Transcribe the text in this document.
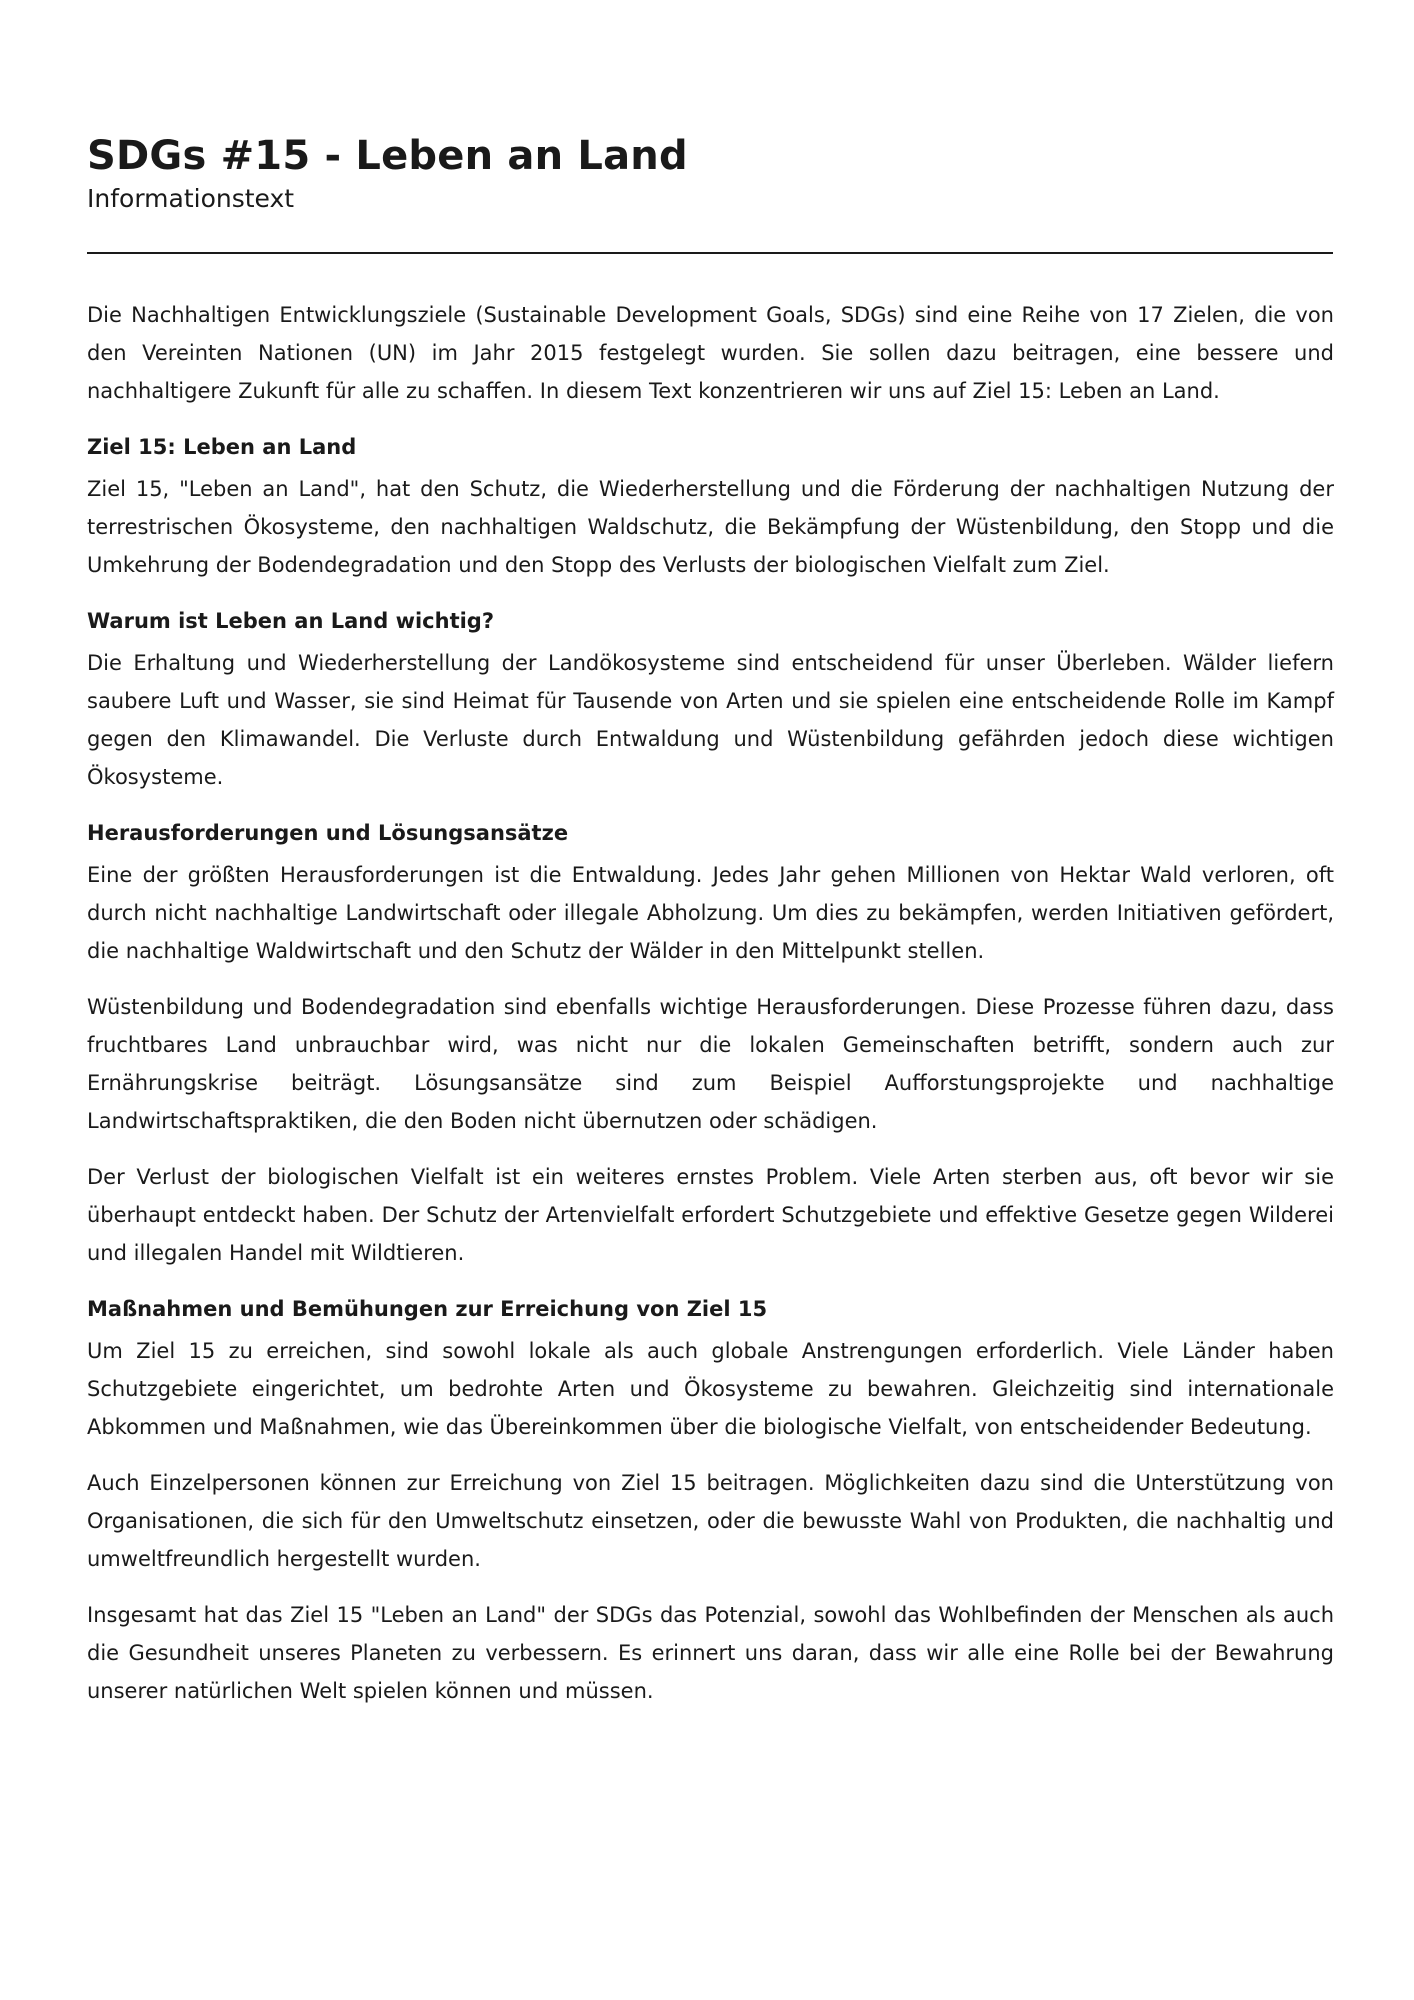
SDGs #15 - Leben an Land
Informationstext

Die Nachhaltigen Entwicklungsziele (Sustainable Development Goals, SDGs) sind eine Reihe von 17 Zielen, die von den Vereinten Nationen (UN) im Jahr 2015 festgelegt wurden. Sie sollen dazu beitragen, eine bessere und nachhaltigere Zukunft für alle zu schaffen. In diesem Text konzentrieren wir uns auf Ziel 15: Leben an Land.

Ziel 15: Leben an Land

Ziel 15, "Leben an Land", hat den Schutz, die Wiederherstellung und die Förderung der nachhaltigen Nutzung der terrestrischen Ökosysteme, den nachhaltigen Waldschutz, die Bekämpfung der Wüstenbildung, den Stopp und die Umkehrung der Bodendegradation und den Stopp des Verlusts der biologischen Vielfalt zum Ziel.

Warum ist Leben an Land wichtig?

Die Erhaltung und Wiederherstellung der Landökosysteme sind entscheidend für unser Überleben. Wälder liefern saubere Luft und Wasser, sie sind Heimat für Tausende von Arten und sie spielen eine entscheidende Rolle im Kampf gegen den Klimawandel. Die Verluste durch Entwaldung und Wüstenbildung gefährden jedoch diese wichtigen Ökosysteme.

Herausforderungen und Lösungsansätze

Eine der größten Herausforderungen ist die Entwaldung. Jedes Jahr gehen Millionen von Hektar Wald verloren, oft durch nicht nachhaltige Landwirtschaft oder illegale Abholzung. Um dies zu bekämpfen, werden Initiativen gefördert, die nachhaltige Waldwirtschaft und den Schutz der Wälder in den Mittelpunkt stellen.

Wüstenbildung und Bodendegradation sind ebenfalls wichtige Herausforderungen. Diese Prozesse führen dazu, dass fruchtbares Land unbrauchbar wird, was nicht nur die lokalen Gemeinschaften betrifft, sondern auch zur Ernährungskrise beiträgt. Lösungsansätze sind zum Beispiel Aufforstungsprojekte und nachhaltige Landwirtschaftspraktiken, die den Boden nicht übernutzen oder schädigen.

Der Verlust der biologischen Vielfalt ist ein weiteres ernstes Problem. Viele Arten sterben aus, oft bevor wir sie überhaupt entdeckt haben. Der Schutz der Artenvielfalt erfordert Schutzgebiete und effektive Gesetze gegen Wilderei und illegalen Handel mit Wildtieren.

Maßnahmen und Bemühungen zur Erreichung von Ziel 15

Um Ziel 15 zu erreichen, sind sowohl lokale als auch globale Anstrengungen erforderlich. Viele Länder haben Schutzgebiete eingerichtet, um bedrohte Arten und Ökosysteme zu bewahren. Gleichzeitig sind internationale Abkommen und Maßnahmen, wie das Übereinkommen über die biologische Vielfalt, von entscheidender Bedeutung.

Auch Einzelpersonen können zur Erreichung von Ziel 15 beitragen. Möglichkeiten dazu sind die Unterstützung von Organisationen, die sich für den Umweltschutz einsetzen, oder die bewusste Wahl von Produkten, die nachhaltig und umweltfreundlich hergestellt wurden.

Insgesamt hat das Ziel 15 "Leben an Land" der SDGs das Potenzial, sowohl das Wohlbefinden der Menschen als auch die Gesundheit unseres Planeten zu verbessern. Es erinnert uns daran, dass wir alle eine Rolle bei der Bewahrung unserer natürlichen Welt spielen können und müssen.
